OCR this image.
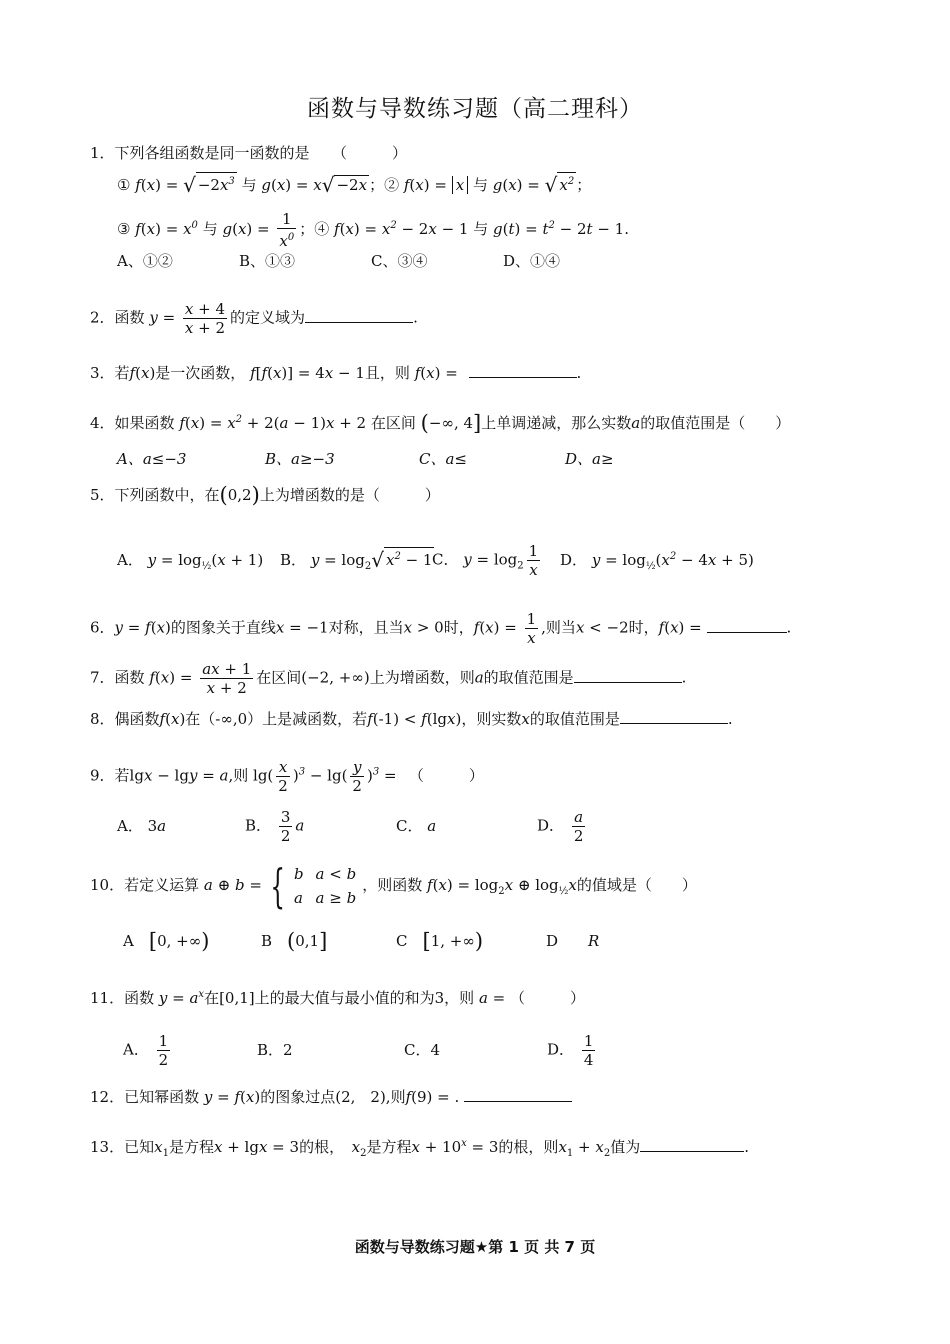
函数与导数练习题（高二理科）
1．下列各组函数是同一函数的是　　（　　　）
① f(x) = √ $-2x^3$ 与 g(x) = x√ −2x ；② f(x) = x 与 g(x) = √ $x^2$ ；
③ $f(x) = x^0$ 与 $g(x) = \frac{1}{x^0}$ ；④ $f(x) = x^2 - 2x - 1$ 与 $g(t) = t^2 - 2t - 1$.
A、①②	B、①③	C、③④	D、①④
2．函数 $y = \frac{x + 4}{x + 2}$ 的定义域为	.
3．若f(x)是一次函数， f[f(x)] = 4x − 1且，则 f(x) =	.
4．如果函数 $f(x) = x^2 + 2(a - 1)x + 2$ 在区间 (−∞, 4]上单调递减，那么实数a的取值范围是（　　）
A、a≤−3	B、a≥−3	C、a≤	D、a≥
5．下列函数中，在(0,2)上为增函数的是（　　　）
A． $y = \log_{\frac{1}{2}}(x + 1)$ B． $y = \log_2√$ $x^2 - 1C$． $y = \log_2 \frac{1}{x}$ D． $y = \log_{\frac{1}{2}}(x^2 - 4x + 5)$
6．y = f(x)的图象关于直线x = −1对称，且当x > 0时，$f(x) = \frac{1}{x}$ ,则当x < −2时，f(x) =	.
7．函数 $f(x) = \frac{ax + 1}{x + 2}$ 在区间(−2, +∞)上为增函数，则a的取值范围是	.
8．偶函数f(x)在（-∞,0）上是减函数，若f(-1) < f(lgx)，则实数x的取值范围是	.
9．若lgx − lgy = a,则 $\lg( \frac{x}{2} )^3 - \lg( \frac{y}{2} )^3$ = 　（　　　）
A． 3a	B． $\frac{3}{2}$ a	C． a	D． $\frac{a}{2}$
10．若定义运算 a ⊕ b = { b	a < b
a	a ≥ b，则函数 $f(x) = \log_2x$ ⊕ $\log_{\frac{1}{2}}x$的值域是（　　）
A　 [0, +∞)	B　 (0,1]	C　 [1, +∞)	D　　 R
11．函数 $y = a^x$在[0,1]上的最大值与最小值的和为3，则 a = （　　　）
A． $\frac{1}{2}$	B．2	C．4	D． $\frac{1}{4}$
12．已知幂函数 y = f(x)的图象过点(2,　 2),则f(9) = .
13．已知$x_1$是方程x + lgx = 3的根，　 $x_2$是方程$x + 10^x = 3$的根，则$x_1 + x_2$值为	.
函数与导数练习题★第 1 页 共 7 页
